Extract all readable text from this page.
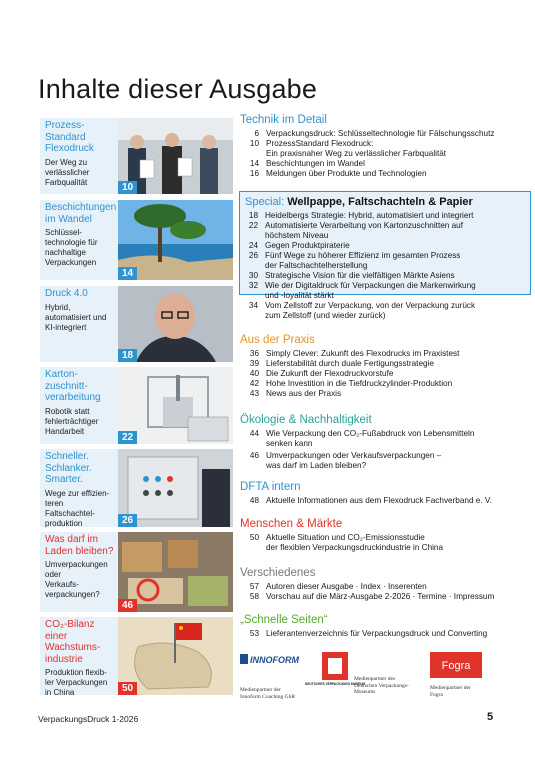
Inhalte dieser Ausgabe
Prozess-
Standard
Flexodruck
Der Weg zu
verlässlicher
Farbqualität	10
Beschichtungen
im Wandel
Schlüssel-
technologie für
nachhaltige
Verpackungen
14
Druck 4.0
Hybrid,
automatisiert und
KI-integriert
18
Karton-
zuschnitt-
verarbeitung
Robotik statt
fehlerträchtiger
Handarbeit
22
Schneller.
Schlanker.
Smarter.
Wege zur effizien-
teren Faltschachtel-
produktion	26
Was darf im
Laden bleiben?
Umverpackungen
oder
Verkaufs-
verpackungen?
46
CO₂-Bilanz einer
Wachstums-
industrie
Produktion flexib-
ler Verpackungen
in China	50
Technik im Detail
6 Verpackungsdruck: Schlüsseltechnologie für Fälschungsschutz
10 ProzessStandard Flexodruck:
Ein praxisnaher Weg zu verlässlicher Farbqualität
14 Beschichtungen im Wandel
16 Meldungen über Produkte und Technologien
Special: Wellpappe, Faltschachteln & Papier
18 Heidelbergs Strategie: Hybrid, automatisiert und integriert
22 Automatisierte Verarbeitung von Kartonzuschnitten auf
höchstem Niveau
24 Gegen Produktpiraterie
26 Fünf Wege zu höherer Effizienz im gesamten Prozess
der Faltschachtelherstellung
30 Strategische Vision für die vielfältigen Märkte Asiens
32 Wie der Digitaldruck für Verpackungen die Markenwirkung
und -loyalität stärkt
34 Vom Zellstoff zur Verpackung, von der Verpackung zurück
zum Zellstoff (und wieder zurück)
Aus der Praxis
36 Simply Clever: Zukunft des Flexodrucks im Praxistest
39 Lieferstabilität durch duale Fertigungsstrategie
40 Die Zukunft der Flexodruckvorstufe
42 Hohe Investition in die Tiefdruckzylinder-Produktion
43 News aus der Praxis
Ökologie & Nachhaltigkeit
44 Wie Verpackung den CO₂-Fußabdruck von Lebensmitteln
senken kann
46 Umverpackungen oder Verkaufsverpackungen –
was darf im Laden bleiben?
DFTA intern
48 Aktuelle Informationen aus dem Flexodruck Fachverband e. V.
Menschen & Märkte
50 Aktuelle Situation und CO₂-Emissionsstudie
der flexiblen Verpackungsdruckindustrie in China
Verschiedenes
57 Autoren dieser Ausgabe · Index · Inserenten
58 Vorschau auf die März-Ausgabe 2-2026 · Termine · Impressum
„Schnelle Seiten“
53 Lieferantenverzeichnis für Verpackungsdruck und Converting
INNOFORM
Medienpartner der
Innoform Coaching GbR
DEUTSCHES VERPACKUNGS MUSEUM
Medienpartner des
Deutschen Verpackungs-
Museums
Fogra
Medienpartner der
Fogra
VerpackungsDruck 1-2026	5
